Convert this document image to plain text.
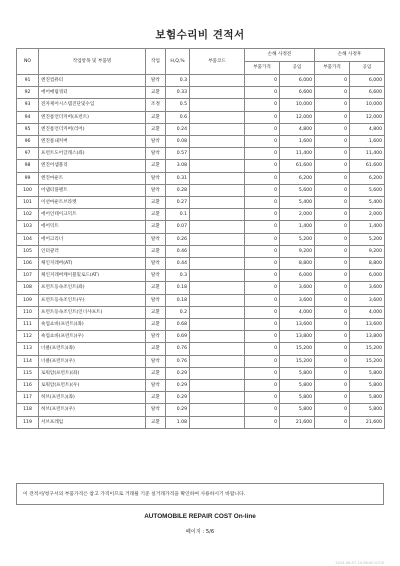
보험수리비 견적서
NO	작업항목 및 부품명	작업	H,Q,%	부품코드	손해 사정전		손해 사정후	
					부품가격	공임	부품가격	공임
91	엔진컴퓨터	탈착	0.3		0	6,000	0	6,000
92	에어매립쿼터	교환	0.33		0	6,600	0	6,600
93	전자제어시스템진단및수입	조정	0.5		0	10,000	0	10,000
94	엔진룸언더커버(프런트)	교환	0.6		0	12,000	0	12,000
95	엔진룸언더커버(리어)	교환	0.24		0	4,800	0	4,800
96	엔진룸내커버	탈착	0.08		0	1,600	0	1,600
97	프런트도어글래스(좌)	탈착	0.57		0	11,400	0	11,400
98	엔진어셈블리	교환	3.08		0	61,600	0	61,600
99	엔진마운트	탈착	0.31		0	6,200	0	6,200
100	어댑터플랜트	탈착	0.28		0	5,600	0	5,600
101	이션마운트브라켓	교환	0.27		0	5,400	0	5,400
102	에어인테이크덕트	교환	0.1		0	2,000	0	2,000
103	에어덕트	교환	0.07		0	1,400	0	1,400
104	에어크리너	탈착	0.26		0	5,200	0	5,200
105	인터쿨러	교환	0.46		0	9,200	0	9,200
106	체인지레버(AT)	탈착	0.44		0	8,800	0	8,800
107	체인지레버케이블및로드(AT)	탈착	0.3		0	6,000	0	6,000
108	프런트등속조인트(좌)	교환	0.18		0	3,600	0	3,600
109	프런트등속조인트(우)	탈착	0.18		0	3,600	0	3,600
110	프런트등속조인트(인너샤프트)	교환	0.2		0	4,000	0	4,000
111	쇽업쇼바(프런트)(좌)	교환	0.68		0	13,600	0	13,600
112	쇽업쇼바(프런트)(우)	탈착	0.69		0	13,800	0	13,800
113	너클(프런트)(좌)	교환	0.76		0	15,200	0	15,200
114	너클(프런트)(우)	탈착	0.76		0	15,200	0	15,200
115	로워암(프런트)(좌)	교환	0.29		0	5,800	0	5,800
116	로워암(프런트)(우)	탈착	0.29		0	5,800	0	5,800
117	허브(프런트)(좌)	교환	0.29		0	5,800	0	5,800
118	허브(프런트)(우)	탈착	0.29		0	5,800	0	5,800
119	서브프레임	교환	1.08		0	21,600	0	21,600
이 견적서/청구서의 부품가격은 참고 가격이므로 거래될 기준 실거래가격을 확인하여 사용하시기 바랍니다.
AUTOMOBILE REPAIR COST On-line
페이지 : 5/6
2024-06-07 14:36:40 A700
